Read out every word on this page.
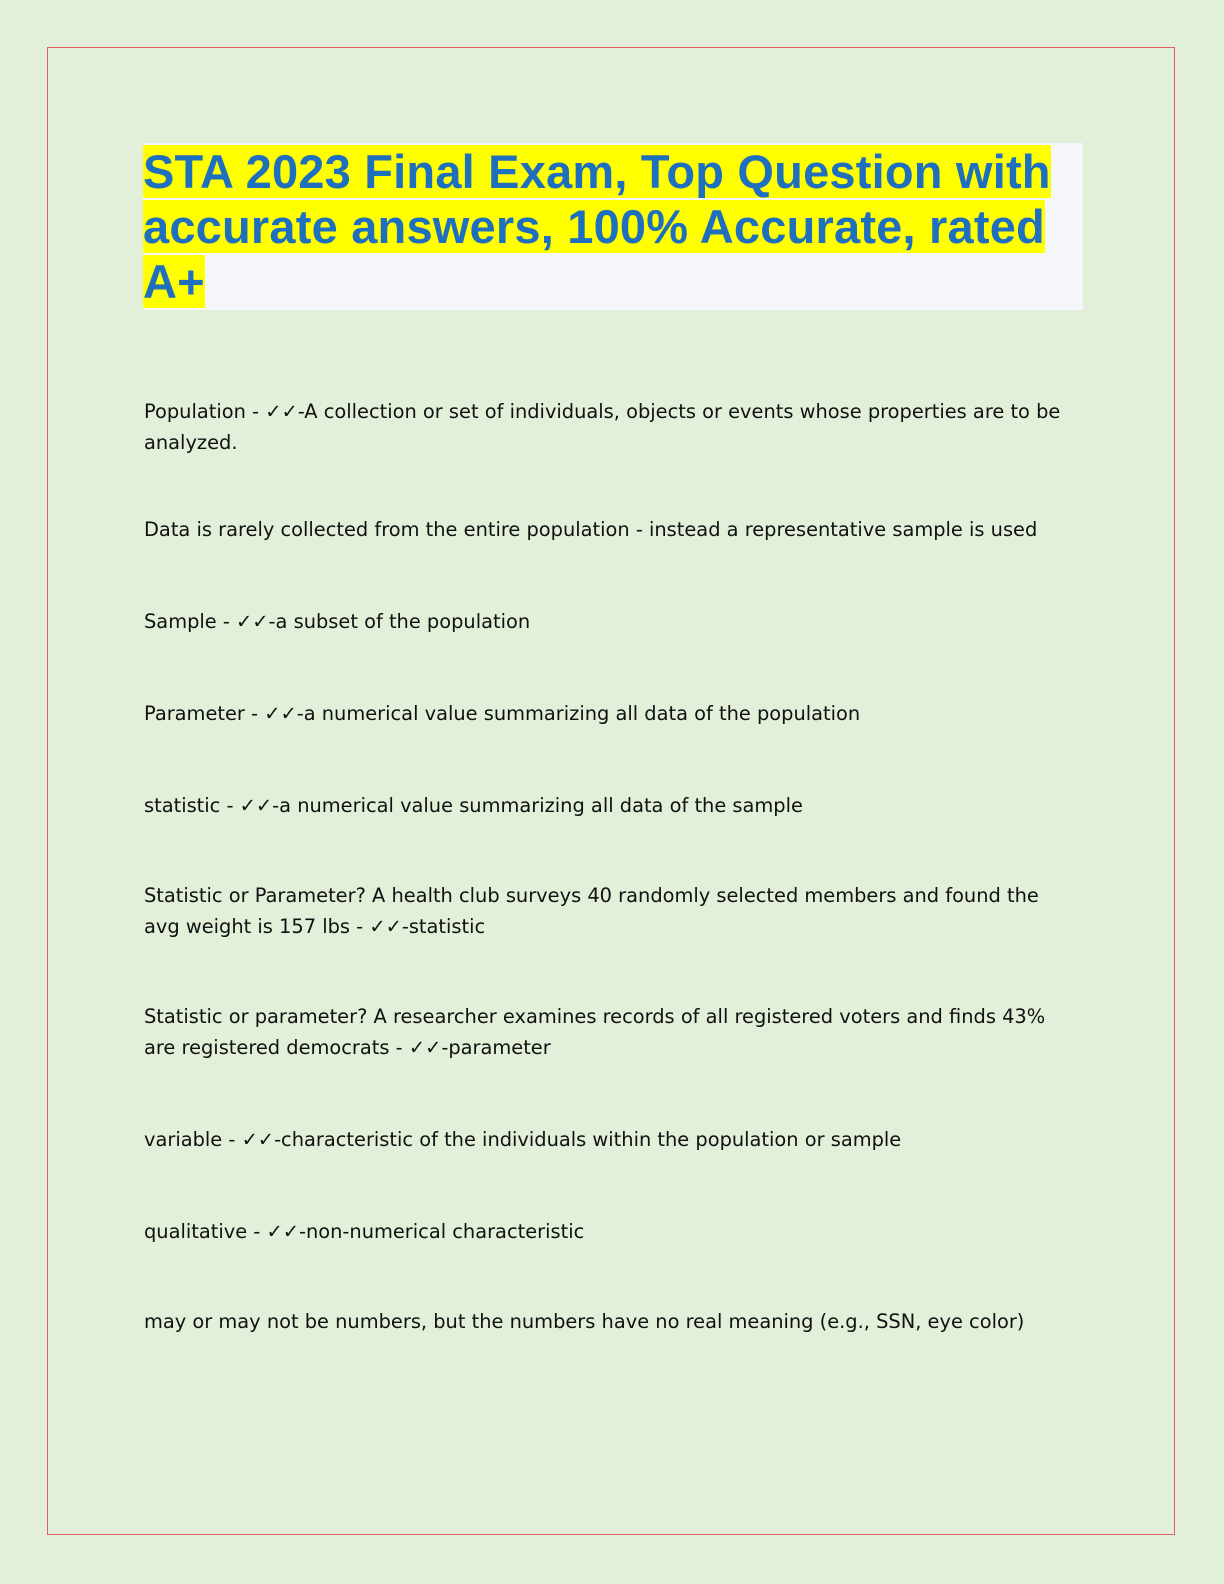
STA 2023 Final Exam, Top Question with accurate answers, 100% Accurate, rated A+

Population - ✓✓-A collection or set of individuals, objects or events whose properties are to be analyzed.

Data is rarely collected from the entire population - instead a representative sample is used

Sample - ✓✓-a subset of the population

Parameter - ✓✓-a numerical value summarizing all data of the population

statistic - ✓✓-a numerical value summarizing all data of the sample

Statistic or Parameter? A health club surveys 40 randomly selected members and found the avg weight is 157 lbs - ✓✓-statistic

Statistic or parameter? A researcher examines records of all registered voters and finds 43% are registered democrats - ✓✓-parameter

variable - ✓✓-characteristic of the individuals within the population or sample

qualitative - ✓✓-non-numerical characteristic

may or may not be numbers, but the numbers have no real meaning (e.g., SSN, eye color)
